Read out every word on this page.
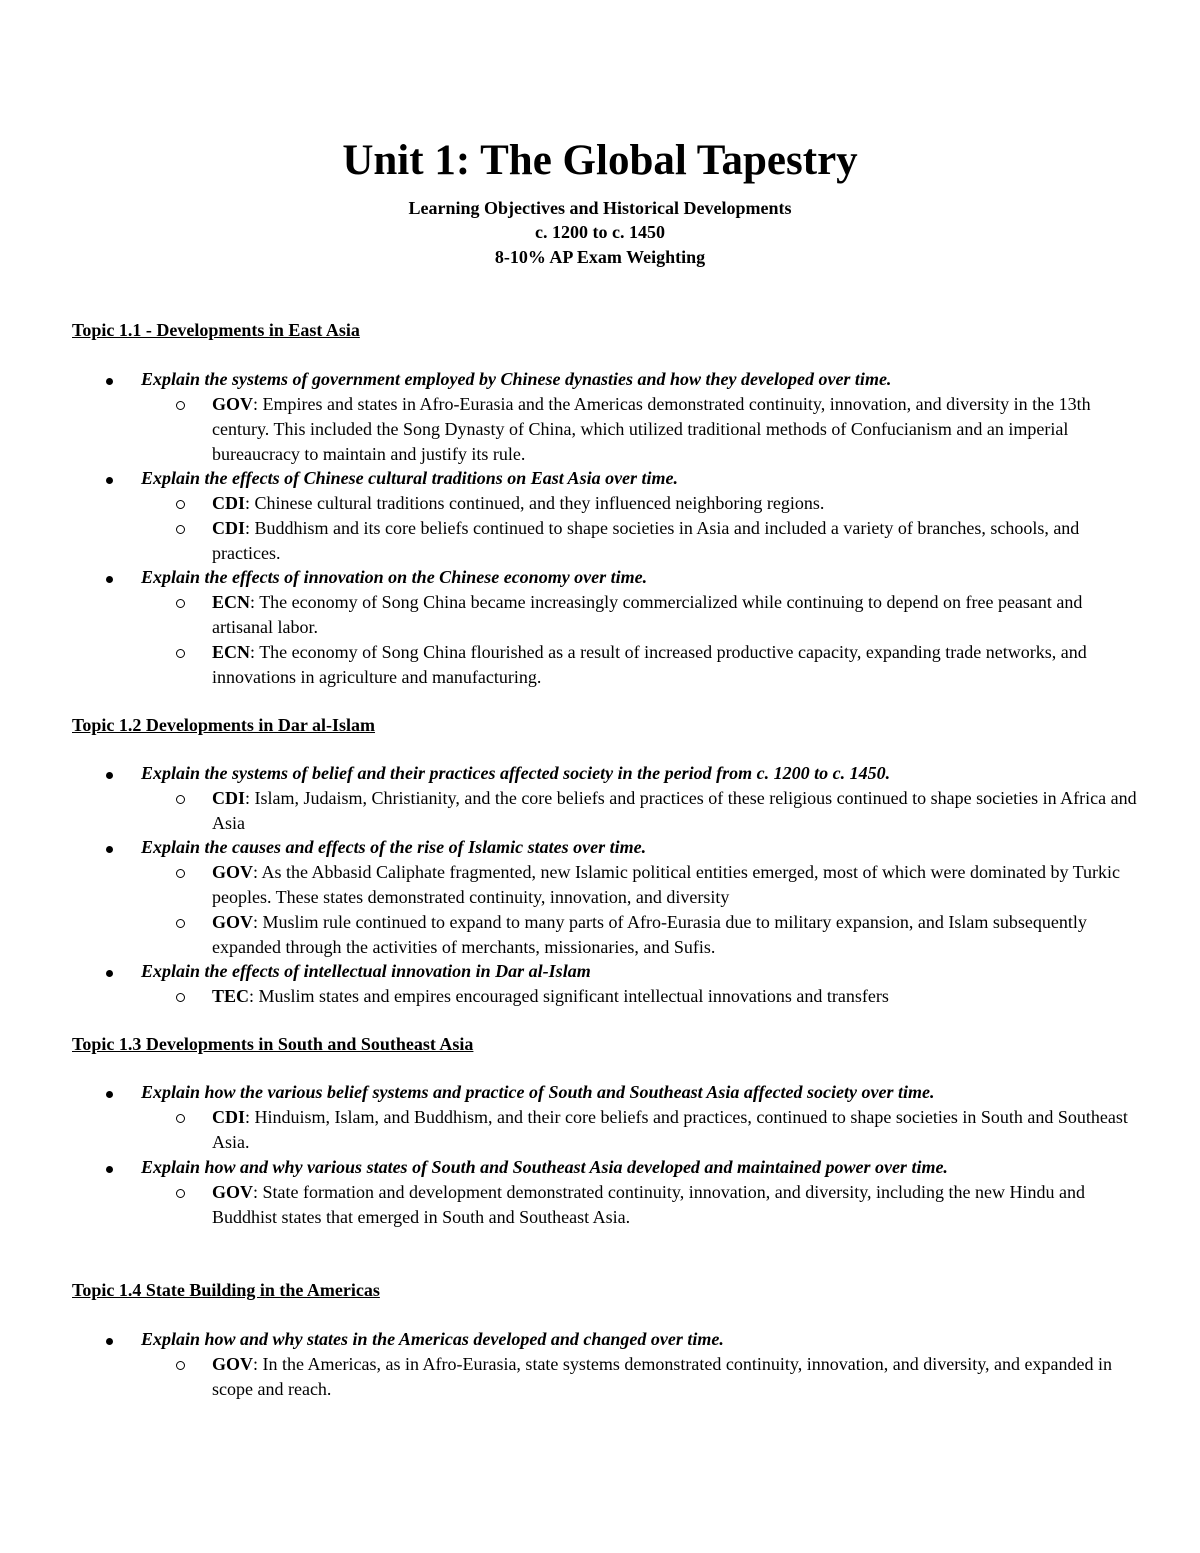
Unit 1: The Global Tapestry
Learning Objectives and Historical Developments
c. 1200 to c. 1450
8-10% AP Exam Weighting
Topic 1.1 - Developments in East Asia
Explain the systems of government employed by Chinese dynasties and how they developed over time.
GOV: Empires and states in Afro-Eurasia and the Americas demonstrated continuity, innovation, and diversity in the 13th century. This included the Song Dynasty of China, which utilized traditional methods of Confucianism and an imperial bureaucracy to maintain and justify its rule.
Explain the effects of Chinese cultural traditions on East Asia over time.
CDI: Chinese cultural traditions continued, and they influenced neighboring regions.
CDI: Buddhism and its core beliefs continued to shape societies in Asia and included a variety of branches, schools, and practices.
Explain the effects of innovation on the Chinese economy over time.
ECN: The economy of Song China became increasingly commercialized while continuing to depend on free peasant and artisanal labor.
ECN: The economy of Song China flourished as a result of increased productive capacity, expanding trade networks, and innovations in agriculture and manufacturing.
Topic 1.2 Developments in Dar al-Islam
Explain the systems of belief and their practices affected society in the period from c. 1200 to c. 1450.
CDI: Islam, Judaism, Christianity, and the core beliefs and practices of these religious continued to shape societies in Africa and Asia
Explain the causes and effects of the rise of Islamic states over time.
GOV: As the Abbasid Caliphate fragmented, new Islamic political entities emerged, most of which were dominated by Turkic peoples. These states demonstrated continuity, innovation, and diversity
GOV: Muslim rule continued to expand to many parts of Afro-Eurasia due to military expansion, and Islam subsequently expanded through the activities of merchants, missionaries, and Sufis.
Explain the effects of intellectual innovation in Dar al-Islam
TEC: Muslim states and empires encouraged significant intellectual innovations and transfers
Topic 1.3 Developments in South and Southeast Asia
Explain how the various belief systems and practice of South and Southeast Asia affected society over time.
CDI: Hinduism, Islam, and Buddhism, and their core beliefs and practices, continued to shape societies in South and Southeast Asia.
Explain how and why various states of South and Southeast Asia developed and maintained power over time.
GOV: State formation and development demonstrated continuity, innovation, and diversity, including the new Hindu and Buddhist states that emerged in South and Southeast Asia.
Topic 1.4 State Building in the Americas
Explain how and why states in the Americas developed and changed over time.
GOV: In the Americas, as in Afro-Eurasia, state systems demonstrated continuity, innovation, and diversity, and expanded in scope and reach.
